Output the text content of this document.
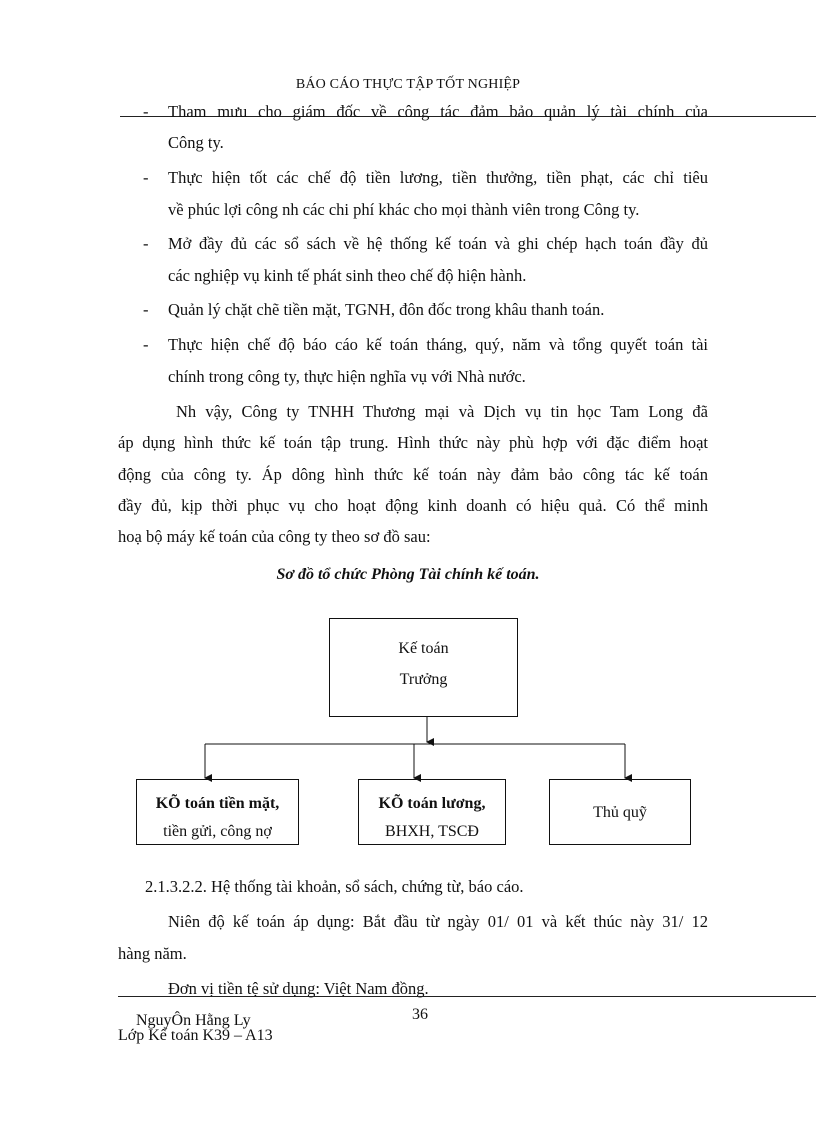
BÁO CÁO THỰC TẬP TỐT NGHIỆP
- Tham mưu cho giám đốc về công tác đảm bảo quản lý tài chính của
Công ty.
- Thực hiện tốt các chế độ tiền lương, tiền thưởng, tiền phạt, các chỉ tiêu
về phúc lợi công nh các chi phí khác cho mọi thành viên trong Công ty.
- Mở đầy đủ các sổ sách về hệ thống kế toán và ghi chép hạch toán đầy đủ
các nghiệp vụ kinh tế phát sinh theo chế độ hiện hành.
- Quản lý chặt chẽ tiền mặt, TGNH, đôn đốc trong khâu thanh toán.
- Thực hiện chế độ báo cáo kế toán tháng, quý, năm và tổng quyết toán tài
chính trong công ty, thực hiện nghĩa vụ với Nhà nước.
Nh vậy, Công ty TNHH Thương mại và Dịch vụ tin học Tam Long đã
áp dụng hình thức kế toán tập trung. Hình thức này phù hợp với đặc điểm hoạt
động của công ty. Áp dông hình thức kế toán này đảm bảo công tác kế toán
đầy đủ, kịp thời phục vụ cho hoạt động kinh doanh có hiệu quả. Có thể minh
hoạ bộ máy kế toán của công ty theo sơ đồ sau:
Sơ đồ tổ chức Phòng Tài chính kế toán.
Kế toán
Trưởng
KÕ toán tiền mặt,
tiền gửi, công nợ
KÕ toán lương,
BHXH, TSCĐ
Thủ quỹ
2.1.3.2.2. Hệ thống tài khoản, sổ sách, chứng từ, báo cáo.
Niên độ kế toán áp dụng: Bắt đầu từ ngày 01/ 01 và kết thúc này 31/ 12
hàng năm.
Đơn vị tiền tệ sử dụng: Việt Nam đồng.
NguyÔn Hằng Ly	36
Lớp Kế toán K39 – A13
